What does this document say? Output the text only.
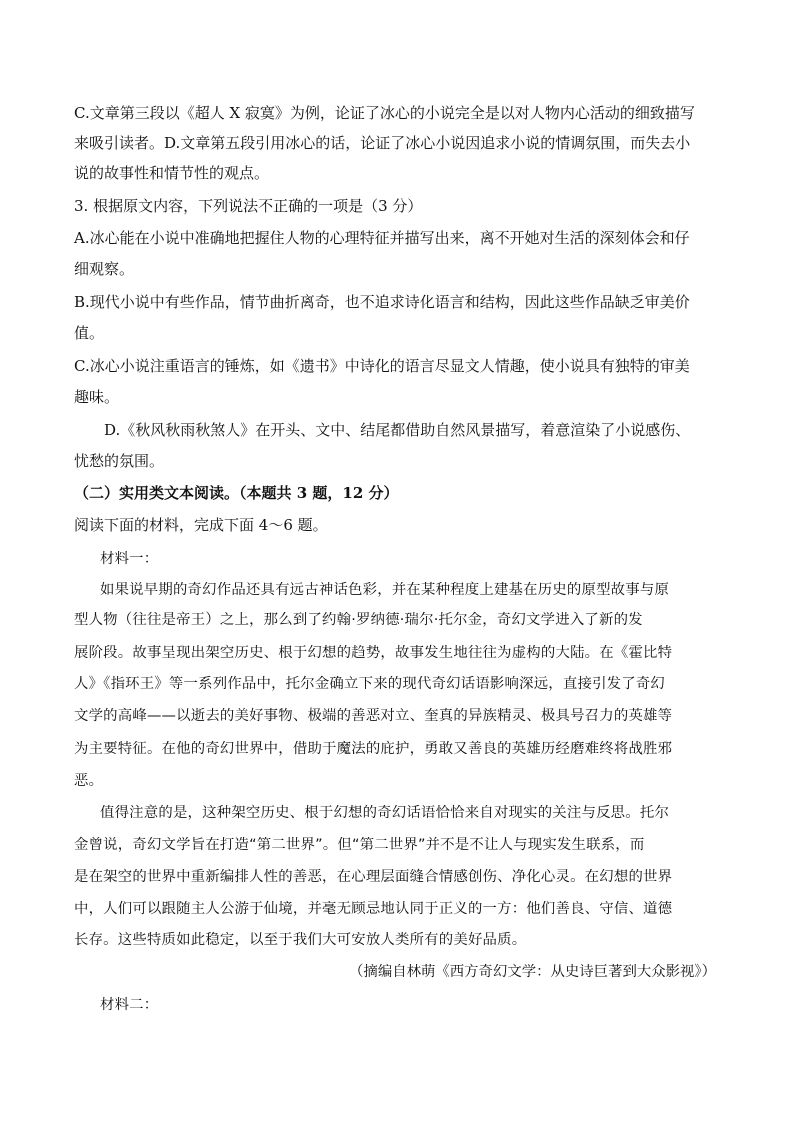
C.文章第三段以《超人 X 寂寞》为例，论证了冰心的小说完全是以对人物内心活动的细致描写
来吸引读者。D.文章第五段引用冰心的话，论证了冰心小说因追求小说的情调氛围，而失去小
说的故事性和情节性的观点。
3. 根据原文内容，下列说法不正确的一项是（3 分）
A.冰心能在小说中准确地把握住人物的心理特征并描写出来，离不开她对生活的深刻体会和仔
细观察。
B.现代小说中有些作品，情节曲折离奇，也不追求诗化语言和结构，因此这些作品缺乏审美价
值。
C.冰心小说注重语言的锤炼，如《遗书》中诗化的语言尽显文人情趣，使小说具有独特的审美
趣味。
D.《秋风秋雨秋煞人》在开头、文中、结尾都借助自然风景描写，着意渲染了小说感伤、
忧愁的氛围。
（二）实用类文本阅读。（本题共 3 题，12 分）
阅读下面的材料，完成下面 4～6 题。
材料一：
如果说早期的奇幻作品还具有远古神话色彩，并在某种程度上建基在历史的原型故事与原
型人物（往往是帝王）之上，那么到了约翰·罗纳德·瑞尔·托尔金，奇幻文学进入了新的发
展阶段。故事呈现出架空历史、根于幻想的趋势，故事发生地往往为虚构的大陆。在《霍比特
人》《指环王》等一系列作品中，托尔金确立下来的现代奇幻话语影响深远，直接引发了奇幻
文学的高峰——以逝去的美好事物、极端的善恶对立、奎真的异族精灵、极具号召力的英雄等
为主要特征。在他的奇幻世界中，借助于魔法的庇护，勇敢又善良的英雄历经磨难终将战胜邪
恶。
值得注意的是，这种架空历史、根于幻想的奇幻话语恰恰来自对现实的关注与反思。托尔
金曾说，奇幻文学旨在打造“第二世界”。但“第二世界”并不是不让人与现实发生联系，而
是在架空的世界中重新编排人性的善恶，在心理层面缝合情感创伤、净化心灵。在幻想的世界
中，人们可以跟随主人公游于仙境，并毫无顾忌地认同于正义的一方：他们善良、守信、道德
长存。这些特质如此稳定，以至于我们大可安放人类所有的美好品质。
（摘编自林萌《西方奇幻文学：从史诗巨著到大众影视》）
材料二：
